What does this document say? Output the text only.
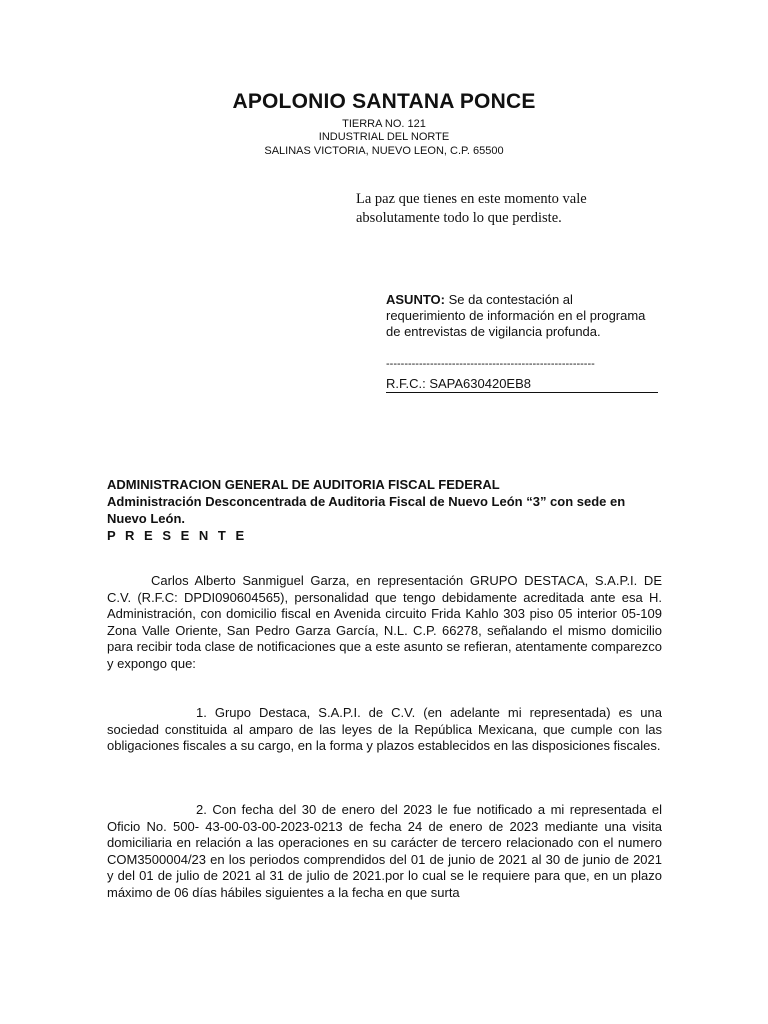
APOLONIO SANTANA PONCE
TIERRA NO. 121
INDUSTRIAL DEL NORTE
SALINAS VICTORIA, NUEVO LEON, C.P. 65500
La paz que tienes en este momento vale absolutamente todo lo que perdiste.
ASUNTO: Se da contestación al requerimiento de información en el programa de entrevistas de vigilancia profunda.
---------------------------------------------------------
R.F.C.: SAPA630420EB8
ADMINISTRACION GENERAL DE AUDITORIA FISCAL FEDERAL
Administración Desconcentrada de Auditoria Fiscal de Nuevo León “3” con sede en Nuevo León.
P R E S E N T E
Carlos Alberto Sanmiguel Garza, en representación GRUPO DESTACA, S.A.P.I. DE C.V. (R.F.C: DPDI090604565), personalidad que tengo debidamente acreditada ante esa H. Administración, con domicilio fiscal en Avenida circuito Frida Kahlo 303 piso 05 interior 05-109 Zona Valle Oriente, San Pedro Garza García, N.L. C.P. 66278, señalando el mismo domicilio para recibir toda clase de notificaciones que a este asunto se refieran, atentamente comparezco y expongo que:
1. Grupo Destaca, S.A.P.I. de C.V. (en adelante mi representada) es una sociedad constituida al amparo de las leyes de la República Mexicana, que cumple con las obligaciones fiscales a su cargo, en la forma y plazos establecidos en las disposiciones fiscales.
2. Con fecha del 30 de enero del 2023 le fue notificado a mi representada el Oficio No. 500- 43-00-03-00-2023-0213 de fecha 24 de enero de 2023 mediante una visita domiciliaria en relación a las operaciones en su carácter de tercero relacionado con el numero COM3500004/23 en los periodos comprendidos del 01 de junio de 2021 al 30 de junio de 2021 y del 01 de julio de 2021 al 31 de julio de 2021.por lo cual se le requiere para que, en un plazo máximo de 06 días hábiles siguientes a la fecha en que surta
